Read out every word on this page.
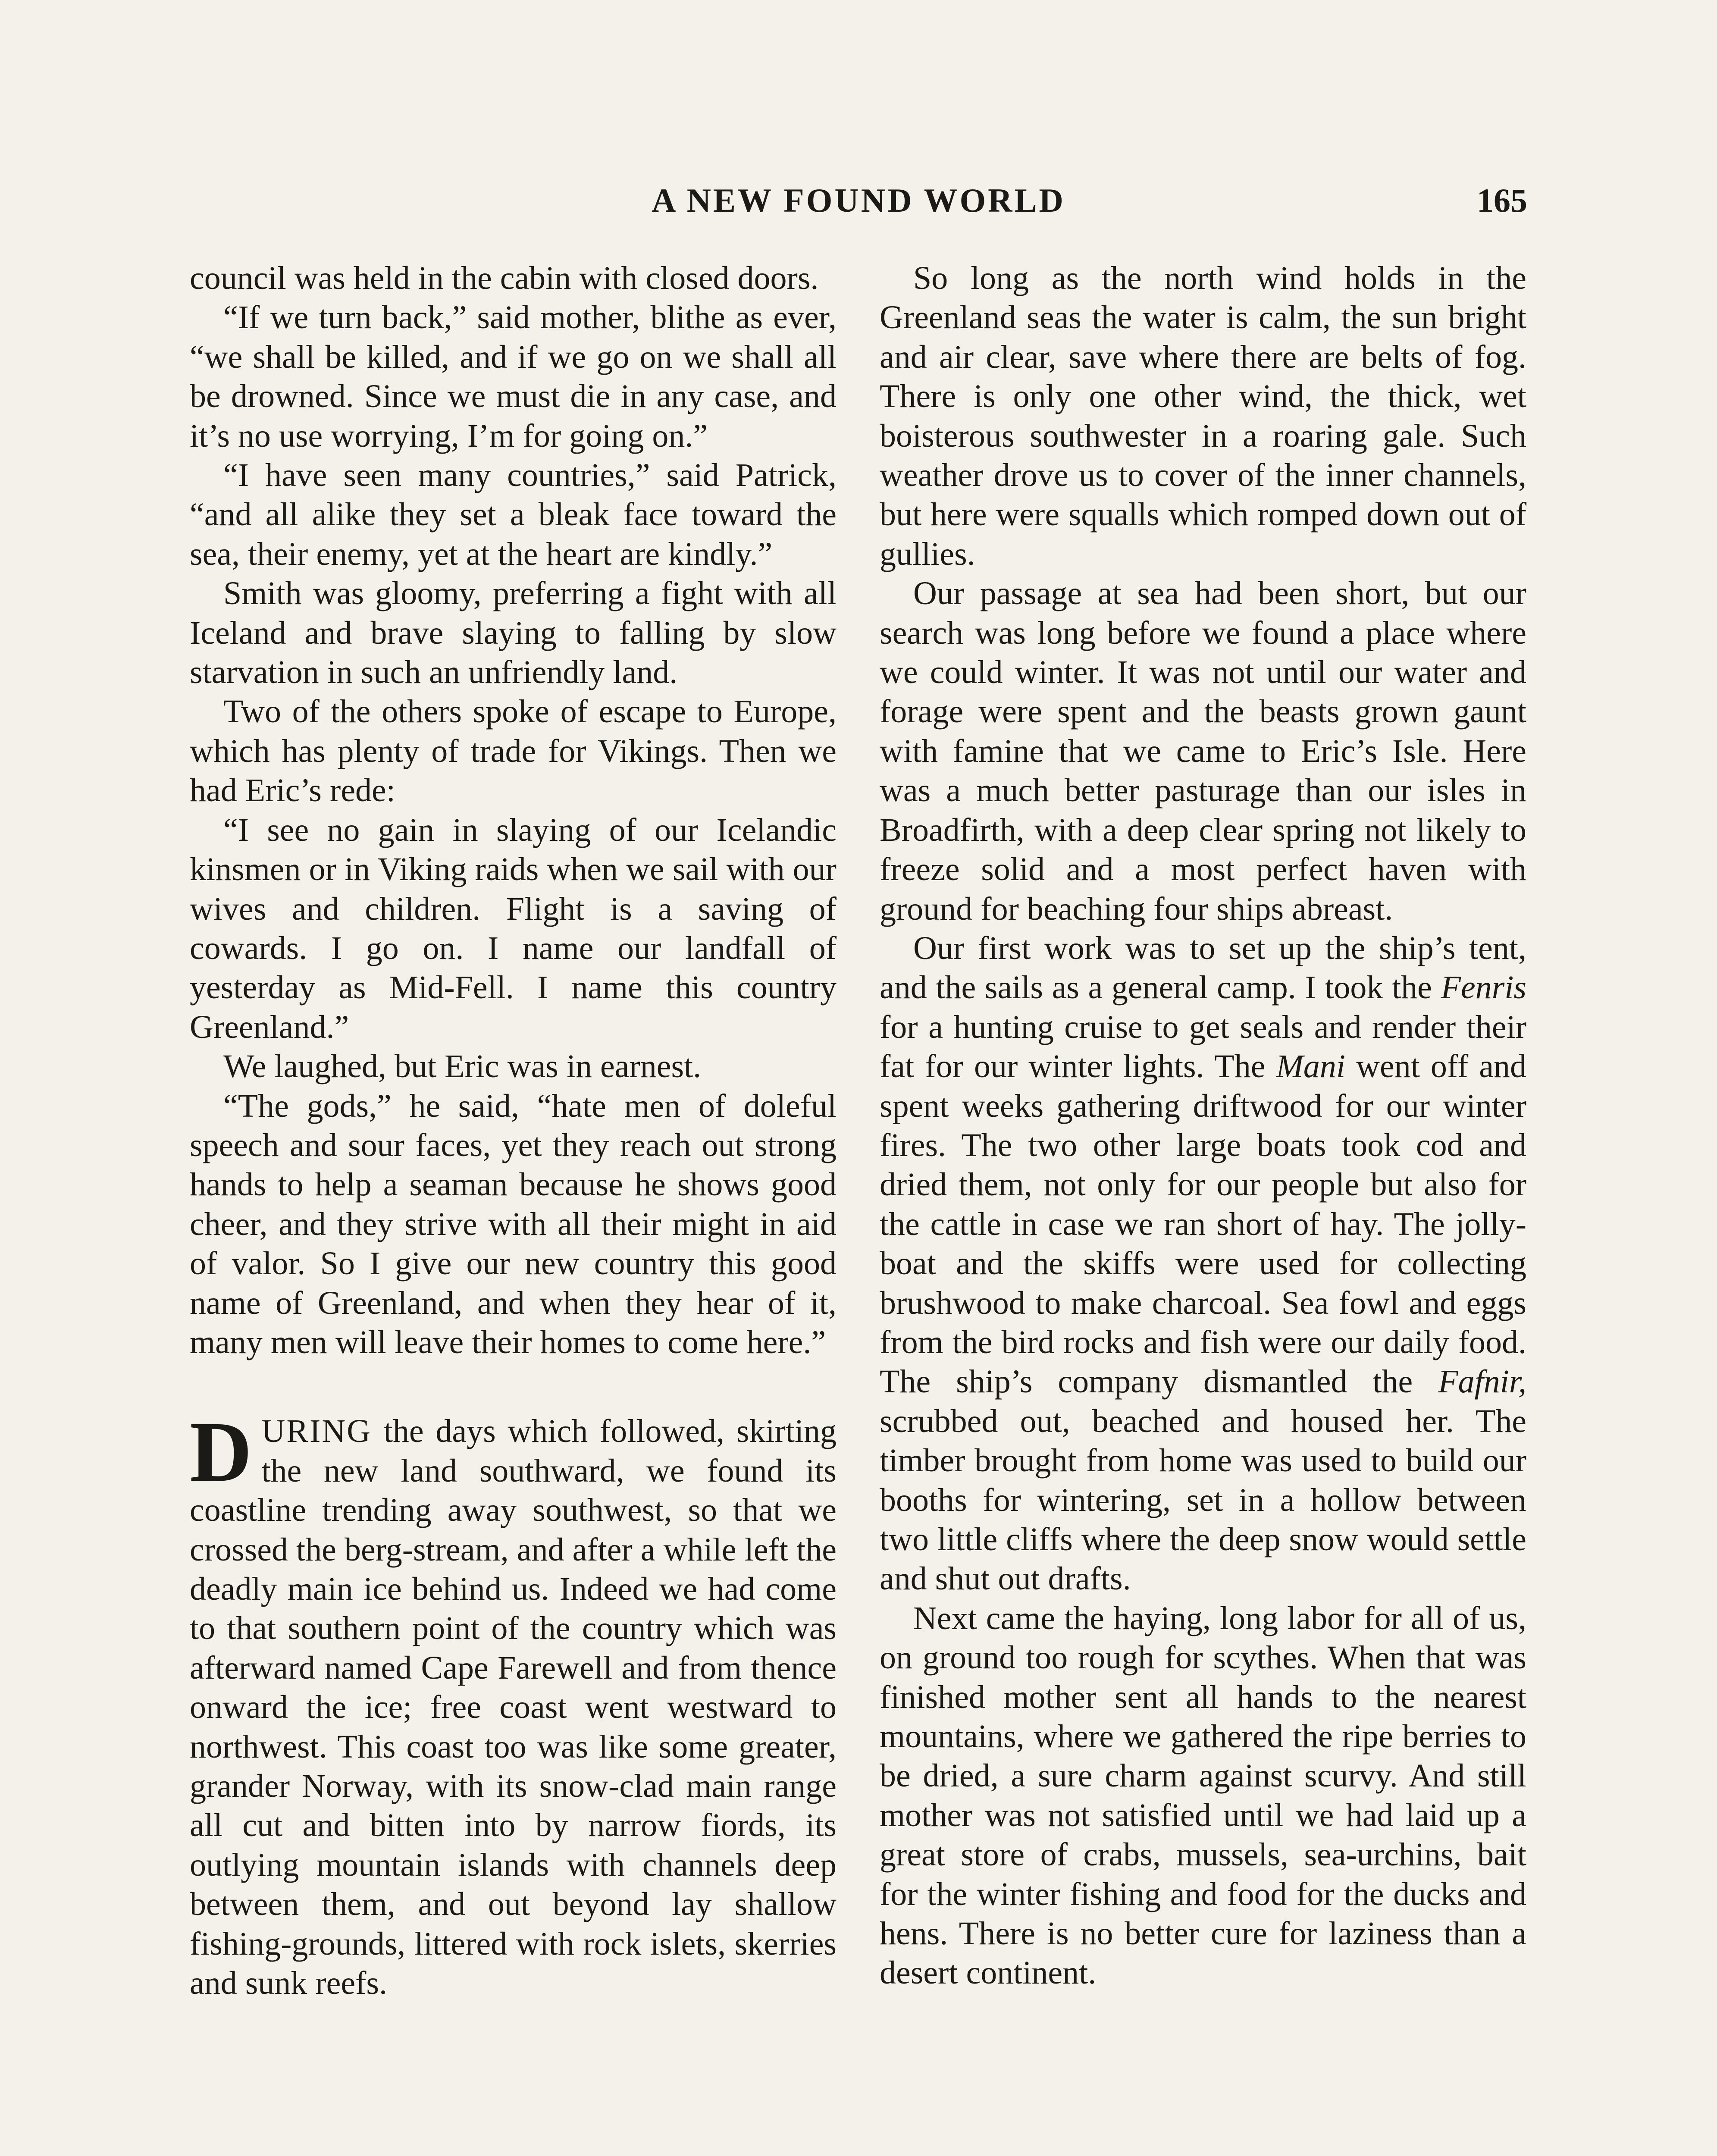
A NEW FOUND WORLD	165

council was held in the cabin with closed doors.

“If we turn back,” said mother, blithe as ever, “we shall be killed, and if we go on we shall all be drowned. Since we must die in any case, and it’s no use worrying, I’m for going on.”

“I have seen many countries,” said Patrick, “and all alike they set a bleak face toward the sea, their enemy, yet at the heart are kindly.”

Smith was gloomy, preferring a fight with all Iceland and brave slaying to falling by slow starvation in such an unfriendly land.

Two of the others spoke of escape to Europe, which has plenty of trade for Vikings. Then we had Eric’s rede:

“I see no gain in slaying of our Icelandic kinsmen or in Viking raids when we sail with our wives and children. Flight is a saving of cowards. I go on. I name our landfall of yesterday as Mid-Fell. I name this country Greenland.”

We laughed, but Eric was in earnest.

“The gods,” he said, “hate men of doleful speech and sour faces, yet they reach out strong hands to help a seaman because he shows good cheer, and they strive with all their might in aid of valor. So I give our new country this good name of Greenland, and when they hear of it, many men will leave their homes to come here.”

DURING the days which followed, skirting the new land southward, we found its coastline trending away southwest, so that we crossed the berg-stream, and after a while left the deadly main ice behind us. Indeed we had come to that southern point of the country which was afterward named Cape Farewell and from thence onward the ice; free coast went westward to northwest. This coast too was like some greater, grander Norway, with its snow-clad main range all cut and bitten into by narrow fiords, its outlying mountain islands with channels deep between them, and out beyond lay shallow fishing-grounds, littered with rock islets, skerries and sunk reefs.

So long as the north wind holds in the Greenland seas the water is calm, the sun bright and air clear, save where there are belts of fog. There is only one other wind, the thick, wet boisterous southwester in a roaring gale. Such weather drove us to cover of the inner channels, but here were squalls which romped down out of gullies.

Our passage at sea had been short, but our search was long before we found a place where we could winter. It was not until our water and forage were spent and the beasts grown gaunt with famine that we came to Eric’s Isle. Here was a much better pasturage than our isles in Broadfirth, with a deep clear spring not likely to freeze solid and a most perfect haven with ground for beaching four ships abreast.

Our first work was to set up the ship’s tent, and the sails as a general camp. I took the Fenris for a hunting cruise to get seals and render their fat for our winter lights. The Mani went off and spent weeks gathering driftwood for our winter fires. The two other large boats took cod and dried them, not only for our people but also for the cattle in case we ran short of hay. The jolly-boat and the skiffs were used for collecting brushwood to make charcoal. Sea fowl and eggs from the bird rocks and fish were our daily food. The ship’s company dismantled the Fafnir, scrubbed out, beached and housed her. The timber brought from home was used to build our booths for wintering, set in a hollow between two little cliffs where the deep snow would settle and shut out drafts.

Next came the haying, long labor for all of us, on ground too rough for scythes. When that was finished mother sent all hands to the nearest mountains, where we gathered the ripe berries to be dried, a sure charm against scurvy. And still mother was not satisfied until we had laid up a great store of crabs, mussels, sea-urchins, bait for the winter fishing and food for the ducks and hens. There is no better cure for laziness than a desert continent.
